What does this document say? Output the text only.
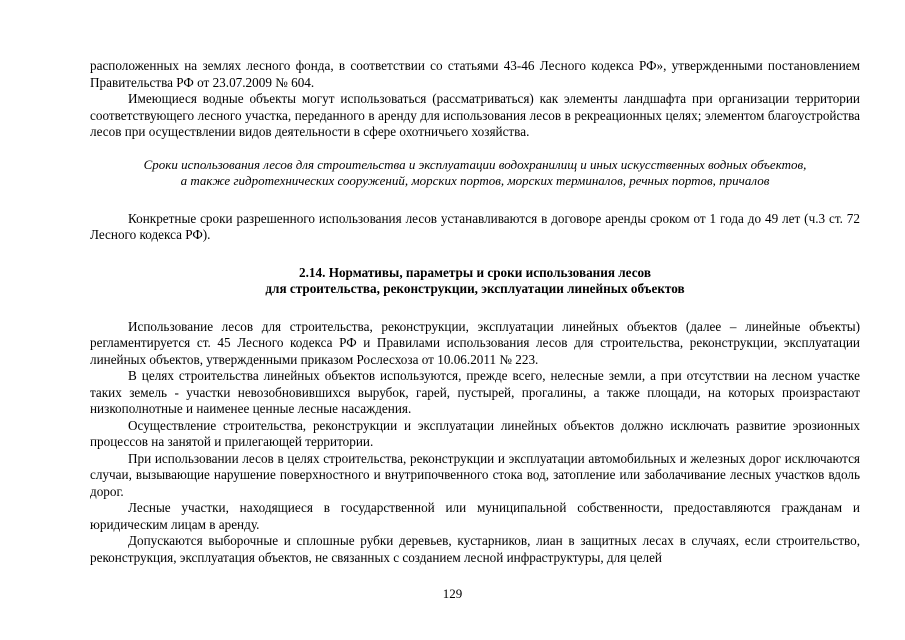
расположенных на землях лесного фонда, в соответствии со статьями 43-46 Лесного кодекса РФ», утвержденными постановлением Правительства РФ от 23.07.2009 № 604.

Имеющиеся водные объекты могут использоваться (рассматриваться) как элементы ландшафта при организации территории соответствующего лесного участка, переданного в аренду для использования лесов в рекреационных целях; элементом благоустройства лесов при осуществлении видов деятельности в сфере охотничьего хозяйства.

Сроки использования лесов для строительства и эксплуатации водохранилищ и иных искусственных водных объектов,

а также гидротехнических сооружений, морских портов, морских терминалов, речных портов, причалов

Конкретные сроки разрешенного использования лесов устанавливаются в договоре аренды сроком от 1 года до 49 лет (ч.3 ст. 72 Лесного кодекса РФ).

2.14. Нормативы, параметры и сроки использования лесов

для строительства, реконструкции, эксплуатации линейных объектов

Использование лесов для строительства, реконструкции, эксплуатации линейных объектов (далее – линейные объекты) регламентируется ст. 45 Лесного кодекса РФ и Правилами использования лесов для строительства, реконструкции, эксплуатации линейных объектов, утвержденными приказом Рослесхоза от 10.06.2011 № 223.

В целях строительства линейных объектов используются, прежде всего, нелесные земли, а при отсутствии на лесном участке таких земель - участки невозобновившихся вырубок, гарей, пустырей, прогалины, а также площади, на которых произрастают низкополнотные и наименее ценные лесные насаждения.

Осуществление строительства, реконструкции и эксплуатации линейных объектов должно исключать развитие эрозионных процессов на занятой и прилегающей территории.

При использовании лесов в целях строительства, реконструкции и эксплуатации автомобильных и железных дорог исключаются случаи, вызывающие нарушение поверхностного и внутрипочвенного стока вод, затопление или заболачивание лесных участков вдоль дорог.

Лесные участки, находящиеся в государственной или муниципальной собственности, предоставляются гражданам и юридическим лицам в аренду.

Допускаются выборочные и сплошные рубки деревьев, кустарников, лиан в защитных лесах в случаях, если строительство, реконструкция, эксплуатация объектов, не связанных с созданием лесной инфраструктуры, для целей

129
